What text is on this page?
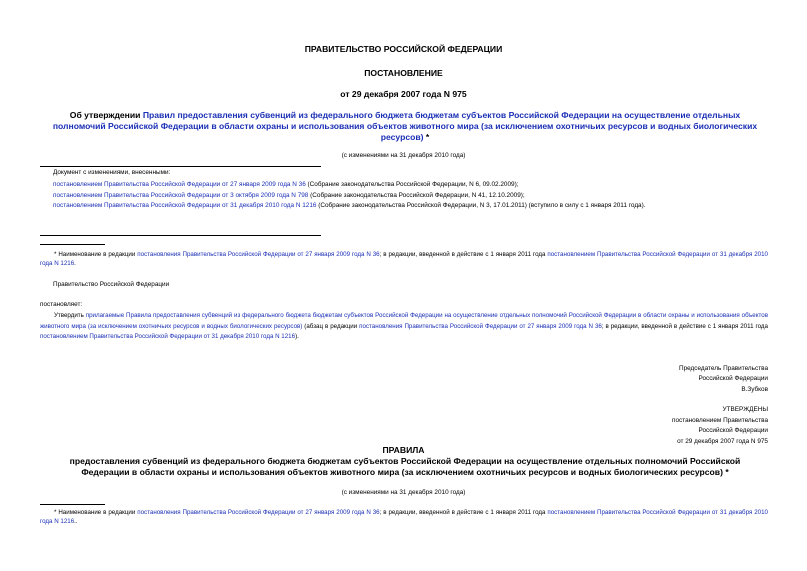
ПРАВИТЕЛЬСТВО РОССИЙСКОЙ ФЕДЕРАЦИИ
ПОСТАНОВЛЕНИЕ
от 29 декабря 2007 года N 975
Об утверждении Правил предоставления субвенций из федерального бюджета бюджетам субъектов Российской Федерации на осуществление отдельных полномочий Российской Федерации в области охраны и использования объектов животного мира (за исключением охотничьих ресурсов и водных биологических ресурсов) *
(с изменениями на 31 декабря 2010 года)
Документ с изменениями, внесенными:
постановлением Правительства Российской Федерации от 27 января 2009 года N 36 (Собрание законодательства Российской Федерации, N 6, 09.02.2009);
постановлением Правительства Российской Федерации от 3 октября 2009 года N 798 (Собрание законодательства Российской Федерации, N 41, 12.10.2009);
постановлением Правительства Российской Федерации от 31 декабря 2010 года N 1216 (Собрание законодательства Российской Федерации, N 3, 17.01.2011) (вступило в силу с 1 января 2011 года).
* Наименование в редакции постановления Правительства Российской Федерации от 27 января 2009 года N 36; в редакции, введенной в действие с 1 января 2011 года постановлением Правительства Российской Федерации от 31 декабря 2010 года N 1216.
Правительство Российской Федерации
постановляет:
Утвердить прилагаемые Правила предоставления субвенций из федерального бюджета бюджетам субъектов Российской Федерации на осуществление отдельных полномочий Российской Федерации в области охраны и использования объектов животного мира (за исключением охотничьих ресурсов и водных биологических ресурсов) (абзац в редакции постановления Правительства Российской Федерации от 27 января 2009 года N 36; в редакции, введенной в действие с 1 января 2011 года постановлением Правительства Российской Федерации от 31 декабря 2010 года N 1216).
Председатель Правительства
Российской Федерации
В.Зубков
УТВЕРЖДЕНЫ
постановлением Правительства
Российской Федерации
от 29 декабря 2007 года N 975
ПРАВИЛА
предоставления субвенций из федерального бюджета бюджетам субъектов Российской Федерации на осуществление отдельных полномочий Российской Федерации в области охраны и использования объектов животного мира (за исключением охотничьих ресурсов и водных биологических ресурсов) *
(с изменениями на 31 декабря 2010 года)
* Наименование в редакции постановления Правительства Российской Федерации от 27 января 2009 года N 36; в редакции, введенной в действие с 1 января 2011 года постановлением Правительства Российской Федерации от 31 декабря 2010 года N 1216..
